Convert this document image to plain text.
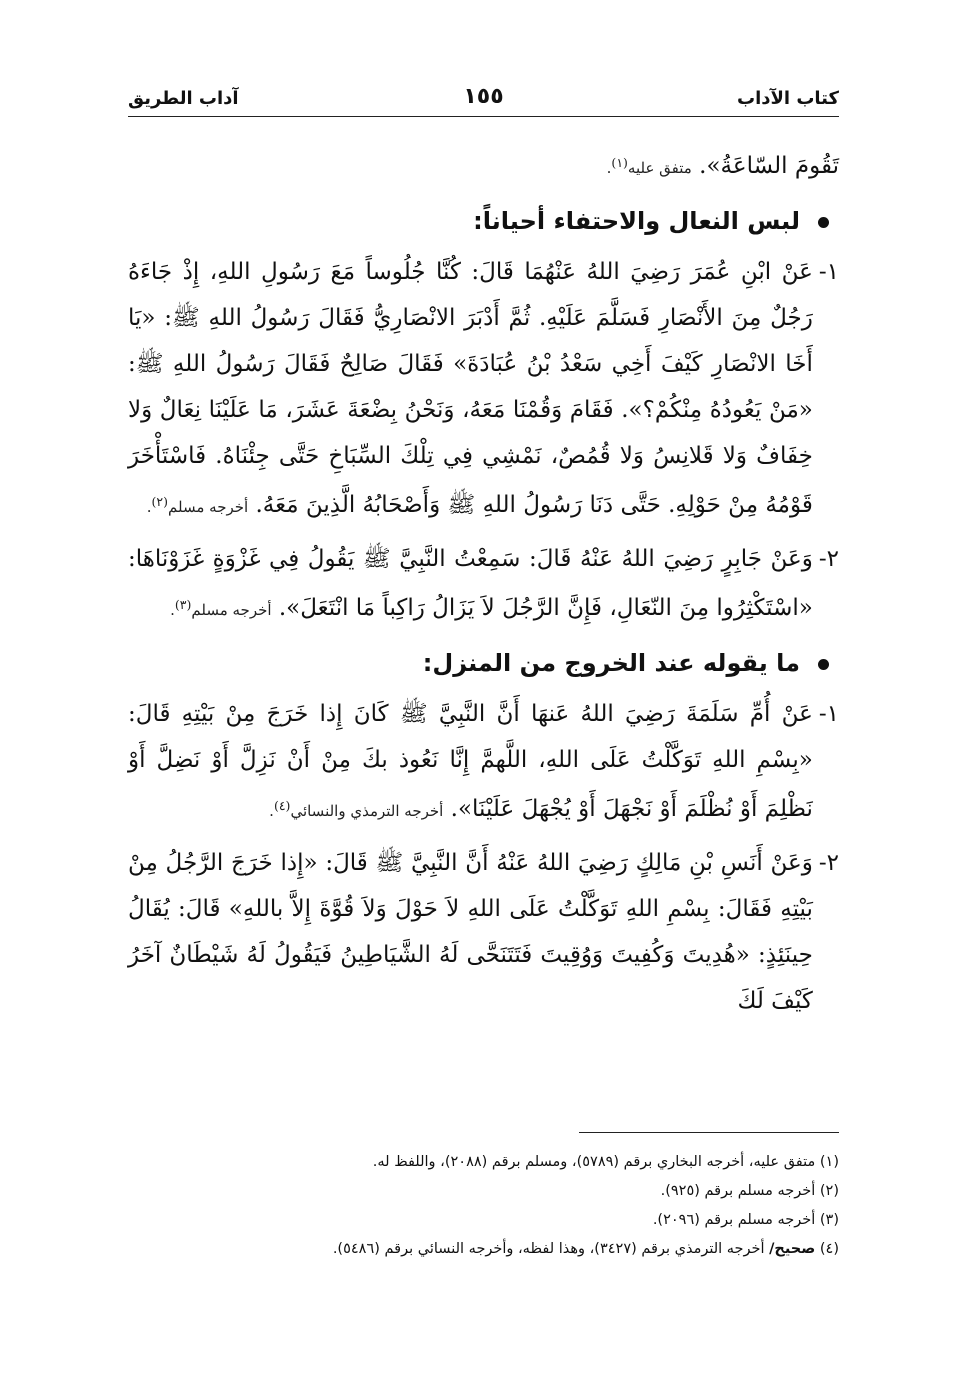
كتاب الآداب
١٥٥
آداب الطريق

تَقُومَ السّاعَةُ». متفق عليه$^{(١)}$.

لبس النعال والاحتفاء أحياناً:
١-

عَنْ ابْنِ عُمَرَ رَضِيَ اللهُ عَنْهُمَا قَالَ: كُنَّا جُلُوساً مَعَ رَسُولِ اللهِ، إِذْ جَاءَهُ رَجُلٌ مِنَ الأَنْصَارِ فَسَلَّمَ عَلَيْهِ. ثُمَّ أَدْبَرَ الانْصَارِيُّ فَقَالَ رَسُولُ اللهِ ﷺ: «يَا أَخَا الانْصَارِ كَيْفَ أَخِي سَعْدُ بْنُ عُبَادَةَ» فَقَالَ صَالِحٌ فَقَالَ رَسُولُ اللهِ ﷺ: «مَنْ يَعُودُهُ مِنْكُمْ؟». فَقَامَ وَقُمْنَا مَعَهُ، وَنَحْنُ بِضْعَةَ عَشَرَ، مَا عَلَيْنَا نِعَالٌ وَلا خِفَافٌ وَلا قَلانِسُ وَلا قُمُصٌ، نَمْشِي فِي تِلْكَ السِّبَاخِ حَتَّى جِئْنَاهُ. فَاسْتَأْخَرَ قَوْمُهُ مِنْ حَوْلِهِ. حَتَّى دَنَا رَسُولُ اللهِ ﷺ وَأَصْحَابُهُ الَّذِينَ مَعَهُ. أخرجه مسلم$^{(٢)}$.

٢-

وَعَنْ جَابِرٍ رَضِيَ اللهُ عَنْهُ قَالَ: سَمِعْتُ النَّبِيَّ ﷺ يَقُولُ فِي غَزْوَةٍ غَزَوْنَاهَا: «اسْتَكْثِرُوا مِنَ النّعَالِ، فَإِنَّ الرَّجُلَ لاَ يَزَالُ رَاكِباً مَا انْتَعَلَ». أخرجه مسلم$^{(٣)}$.

ما يقوله عند الخروج من المنزل:
١-

عَنْ أُمِّ سَلَمَةَ رَضِيَ اللهُ عَنهَا أَنَّ النَّبِيَّ ﷺ كَانَ إِذا خَرَجَ مِنْ بَيْتِهِ قَالَ: «بِسْمِ اللهِ تَوَكَّلْتُ عَلَى اللهِ، اللَّهمَّ إِنَّا نَعُوذ بكَ مِنْ أَنْ نَزِلَّ أَوْ نَضِلَّ أَوْ نَظْلِمَ أَوْ نُظْلَمَ أَوْ نَجْهَلَ أَوْ يُجْهَلَ عَلَيْنَا». أخرجه الترمذي والنسائي$^{(٤)}$.

٢-

وَعَنْ أَنَسِ بْنِ مَالِكٍ رَضِيَ اللهُ عَنْهُ أَنَّ النَّبِيَّ ﷺ قَالَ: «إِذا خَرَجَ الرَّجُلُ مِنْ بَيْتِهِ فَقَالَ: بِسْمِ اللهِ تَوَكَّلْتُ عَلَى اللهِ لاَ حَوْلَ وَلاَ قُوَّةَ إِلاَّ باللهِ» قَالَ: يُقَالُ حِينَئِذٍ: «هُدِيتَ وَكُفِيتَ وَوُقِيتَ فَتَتَنَحَّى لَهُ الشَّيَاطِينُ فَيَقُولُ لَهُ شَيْطَانٌ آخَرُ كَيْفَ لَكَ

(١) متفق عليه، أخرجه البخاري برقم (٥٧٨٩)، ومسلم برقم (٢٠٨٨)، واللفظ له.

(٢) أخرجه مسلم برقم (٩٢٥).

(٣) أخرجه مسلم برقم (٢٠٩٦).

(٤) صحيح/ أخرجه الترمذي برقم (٣٤٢٧)، وهذا لفظه، وأخرجه النسائي برقم (٥٤٨٦).
